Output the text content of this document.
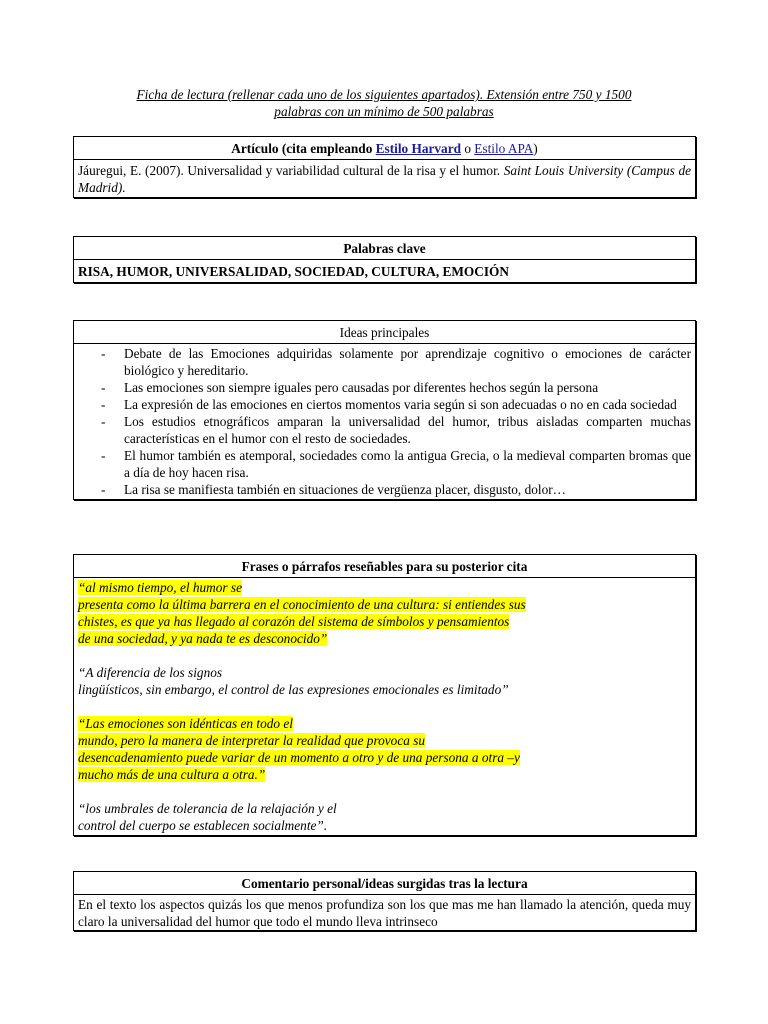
Ficha de lectura (rellenar cada uno de los siguientes apartados). Extensión entre 750 y 1500
palabras con un mínimo de 500 palabras
Artículo (cita empleando Estilo Harvard o Estilo APA)
Jáuregui, E. (2007). Universalidad y variabilidad cultural de la risa y el humor. Saint Louis University (Campus de Madrid).
Palabras clave
RISA, HUMOR, UNIVERSALIDAD, SOCIEDAD, CULTURA, EMOCIÓN
Ideas principales
- Debate de las Emociones adquiridas solamente por aprendizaje cognitivo o emociones de carácter biológico y hereditario.
- Las emociones son siempre iguales pero causadas por diferentes hechos según la persona
- La expresión de las emociones en ciertos momentos varia según si son adecuadas o no en cada sociedad
- Los estudios etnográficos amparan la universalidad del humor, tribus aisladas comparten muchas características en el humor con el resto de sociedades.
- El humor también es atemporal, sociedades como la antigua Grecia, o la medieval comparten bromas que a día de hoy hacen risa.
- La risa se manifiesta también en situaciones de vergüenza placer, disgusto, dolor…
Frases o párrafos reseñables para su posterior cita
“al mismo tiempo, el humor se
presenta como la última barrera en el conocimiento de una cultura: si entiendes sus
chistes, es que ya has llegado al corazón del sistema de símbolos y pensamientos
de una sociedad, y ya nada te es desconocido”
“A diferencia de los signos
lingüísticos, sin embargo, el control de las expresiones emocionales es limitado”
“Las emociones son idénticas en todo el
mundo, pero la manera de interpretar la realidad que provoca su
desencadenamiento puede variar de un momento a otro y de una persona a otra –y
mucho más de una cultura a otra.”
“los umbrales de tolerancia de la relajación y el
control del cuerpo se establecen socialmente”.
Comentario personal/ideas surgidas tras la lectura
En el texto los aspectos quizás los que menos profundiza son los que mas me han llamado la atención, queda muy claro la universalidad del humor que todo el mundo lleva intrinseco
